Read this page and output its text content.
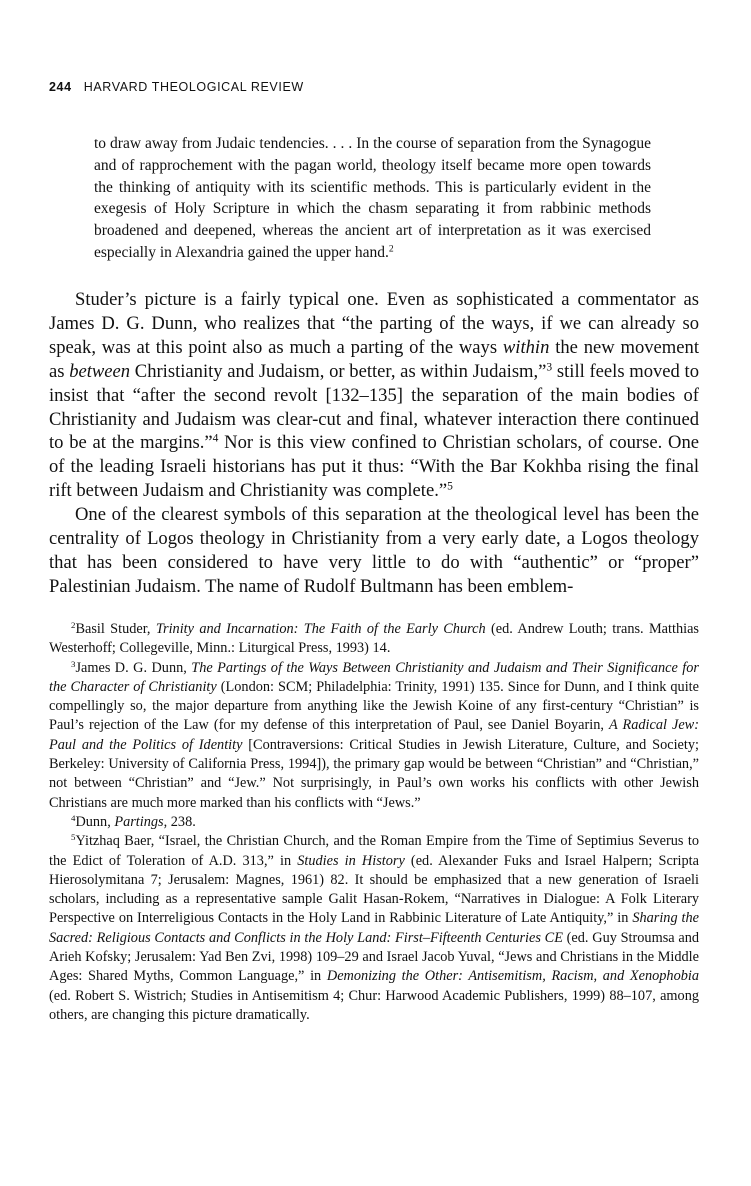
244 HARVARD THEOLOGICAL REVIEW
to draw away from Judaic tendencies. . . . In the course of separation from the Synagogue and of rapprochement with the pagan world, theology itself became more open towards the thinking of antiquity with its scientific methods. This is particularly evident in the exegesis of Holy Scripture in which the chasm separating it from rabbinic methods broadened and deepened, whereas the ancient art of interpretation as it was exercised especially in Alexandria gained the upper hand.$^2$

Studer’s picture is a fairly typical one. Even as sophisticated a commentator as James D. G. Dunn, who realizes that “the parting of the ways, if we can already so speak, was at this point also as much a parting of the ways within the new movement as between Christianity and Judaism, or better, as within Judaism,”$^3$ still feels moved to insist that “after the second revolt [132–135] the separation of the main bodies of Christianity and Judaism was clear-cut and final, whatever interaction there continued to be at the margins.”$^4$ Nor is this view confined to Christian scholars, of course. One of the leading Israeli historians has put it thus: “With the Bar Kokhba rising the final rift between Judaism and Christianity was complete.”$^5$

One of the clearest symbols of this separation at the theological level has been the centrality of Logos theology in Christianity from a very early date, a Logos theology that has been considered to have very little to do with “authentic” or “proper” Palestinian Judaism. The name of Rudolf Bultmann has been emblem-

$^2$Basil Studer, Trinity and Incarnation: The Faith of the Early Church (ed. Andrew Louth; trans. Matthias Westerhoff; Collegeville, Minn.: Liturgical Press, 1993) 14.

$^3$James D. G. Dunn, The Partings of the Ways Between Christianity and Judaism and Their Significance for the Character of Christianity (London: SCM; Philadelphia: Trinity, 1991) 135. Since for Dunn, and I think quite compellingly so, the major departure from anything like the Jewish Koine of any first-century “Christian” is Paul’s rejection of the Law (for my defense of this interpretation of Paul, see Daniel Boyarin, A Radical Jew: Paul and the Politics of Identity [Contraversions: Critical Studies in Jewish Literature, Culture, and Society; Berkeley: University of California Press, 1994]), the primary gap would be between “Christian” and “Christian,” not between “Christian” and “Jew.” Not surprisingly, in Paul’s own works his conflicts with other Jewish Christians are much more marked than his conflicts with “Jews.”

$^4$Dunn, Partings, 238.

$^5$Yitzhaq Baer, “Israel, the Christian Church, and the Roman Empire from the Time of Septimius Severus to the Edict of Toleration of A.D. 313,” in Studies in History (ed. Alexander Fuks and Israel Halpern; Scripta Hierosolymitana 7; Jerusalem: Magnes, 1961) 82. It should be emphasized that a new generation of Israeli scholars, including as a representative sample Galit Hasan-Rokem, “Narratives in Dialogue: A Folk Literary Perspective on Interreligious Contacts in the Holy Land in Rabbinic Literature of Late Antiquity,” in Sharing the Sacred: Religious Contacts and Conflicts in the Holy Land: First–Fifteenth Centuries CE (ed. Guy Stroumsa and Arieh Kofsky; Jerusalem: Yad Ben Zvi, 1998) 109–29 and Israel Jacob Yuval, “Jews and Christians in the Middle Ages: Shared Myths, Common Language,” in Demonizing the Other: Antisemitism, Racism, and Xenophobia (ed. Robert S. Wistrich; Studies in Antisemitism 4; Chur: Harwood Academic Publishers, 1999) 88–107, among others, are changing this picture dramatically.
